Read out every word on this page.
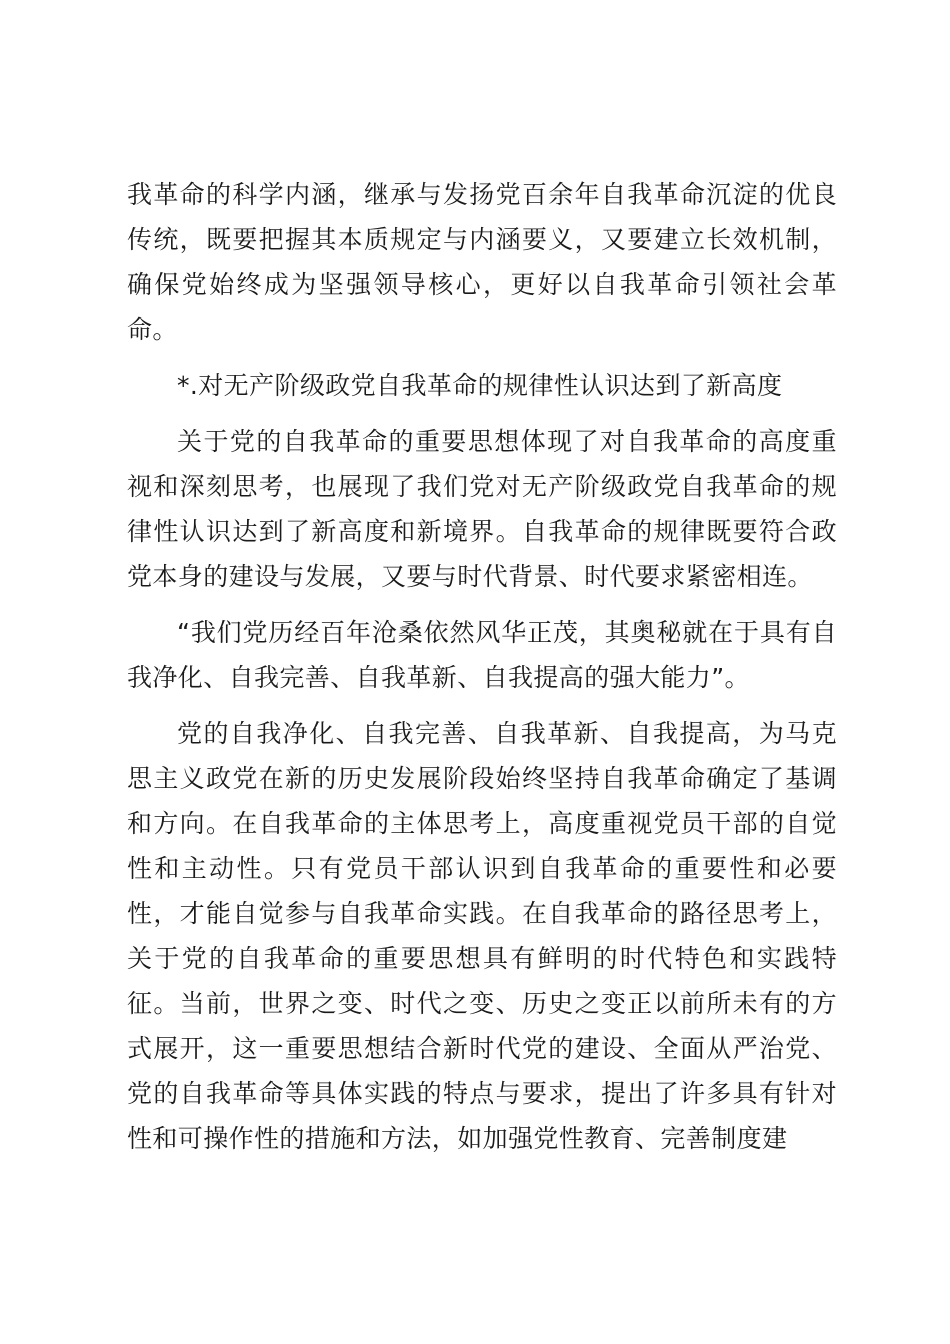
我革命的科学内涵，继承与发扬党百余年自我革命沉淀的优良传统，既要把握其本质规定与内涵要义，又要建立长效机制，确保党始终成为坚强领导核心，更好以自我革命引领社会革命。

*.对无产阶级政党自我革命的规律性认识达到了新高度

关于党的自我革命的重要思想体现了对自我革命的高度重视和深刻思考，也展现了我们党对无产阶级政党自我革命的规律性认识达到了新高度和新境界。自我革命的规律既要符合政党本身的建设与发展，又要与时代背景、时代要求紧密相连。

“我们党历经百年沧桑依然风华正茂，其奥秘就在于具有自我净化、自我完善、自我革新、自我提高的强大能力”。

党的自我净化、自我完善、自我革新、自我提高，为马克思主义政党在新的历史发展阶段始终坚持自我革命确定了基调和方向。在自我革命的主体思考上，高度重视党员干部的自觉性和主动性。只有党员干部认识到自我革命的重要性和必要性，才能自觉参与自我革命实践。在自我革命的路径思考上，关于党的自我革命的重要思想具有鲜明的时代特色和实践特征。当前，世界之变、时代之变、历史之变正以前所未有的方式展开，这一重要思想结合新时代党的建设、全面从严治党、党的自我革命等具体实践的特点与要求，提出了许多具有针对性和可操作性的措施和方法，如加强党性教育、完善制度建
